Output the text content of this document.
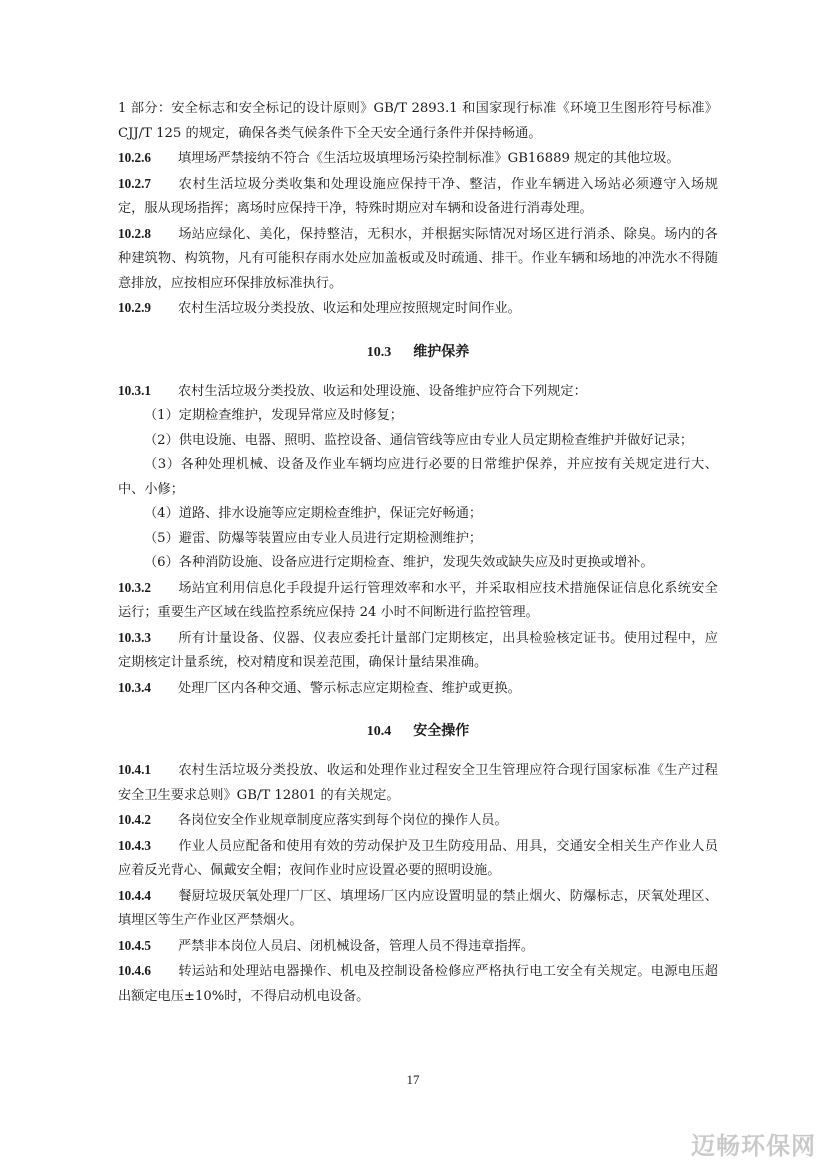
1 部分：安全标志和安全标记的设计原则》GB/T 2893.1 和国家现行标准《环境卫生图形符号标准》CJJ/T 125 的规定，确保各类气候条件下全天安全通行条件并保持畅通。

10.2.6 填埋场严禁接纳不符合《生活垃圾填埋场污染控制标准》GB16889 规定的其他垃圾。

10.2.7 农村生活垃圾分类收集和处理设施应保持干净、整洁，作业车辆进入场站必须遵守入场规定，服从现场指挥；离场时应保持干净，特殊时期应对车辆和设备进行消毒处理。

10.2.8 场站应绿化、美化，保持整洁，无积水，并根据实际情况对场区进行消杀、除臭。场内的各种建筑物、构筑物，凡有可能积存雨水处应加盖板或及时疏通、排干。作业车辆和场地的冲洗水不得随意排放，应按相应环保排放标准执行。

10.2.9 农村生活垃圾分类投放、收运和处理应按照规定时间作业。

10.3 维护保养

10.3.1 农村生活垃圾分类投放、收运和处理设施、设备维护应符合下列规定：

（1）定期检查维护，发现异常应及时修复；

（2）供电设施、电器、照明、监控设备、通信管线等应由专业人员定期检查维护并做好记录；

（3）各种处理机械、设备及作业车辆均应进行必要的日常维护保养，并应按有关规定进行大、中、小修；

（4）道路、排水设施等应定期检查维护，保证完好畅通；

（5）避雷、防爆等装置应由专业人员进行定期检测维护；

（6）各种消防设施、设备应进行定期检查、维护，发现失效或缺失应及时更换或增补。

10.3.2 场站宜利用信息化手段提升运行管理效率和水平，并采取相应技术措施保证信息化系统安全运行；重要生产区域在线监控系统应保持 24 小时不间断进行监控管理。

10.3.3 所有计量设备、仪器、仪表应委托计量部门定期核定，出具检验核定证书。使用过程中，应定期核定计量系统，校对精度和误差范围，确保计量结果准确。

10.3.4 处理厂区内各种交通、警示标志应定期检查、维护或更换。

10.4 安全操作

10.4.1 农村生活垃圾分类投放、收运和处理作业过程安全卫生管理应符合现行国家标准《生产过程安全卫生要求总则》GB/T 12801 的有关规定。

10.4.2 各岗位安全作业规章制度应落实到每个岗位的操作人员。

10.4.3 作业人员应配备和使用有效的劳动保护及卫生防疫用品、用具，交通安全相关生产作业人员应着反光背心、佩戴安全帽；夜间作业时应设置必要的照明设施。

10.4.4 餐厨垃圾厌氧处理厂厂区、填埋场厂区内应设置明显的禁止烟火、防爆标志，厌氧处理区、填埋区等生产作业区严禁烟火。

10.4.5 严禁非本岗位人员启、闭机械设备，管理人员不得违章指挥。

10.4.6 转运站和处理站电器操作、机电及控制设备检修应严格执行电工安全有关规定。电源电压超出额定电压±10%时，不得启动机电设备。

17
迈畅环保网
